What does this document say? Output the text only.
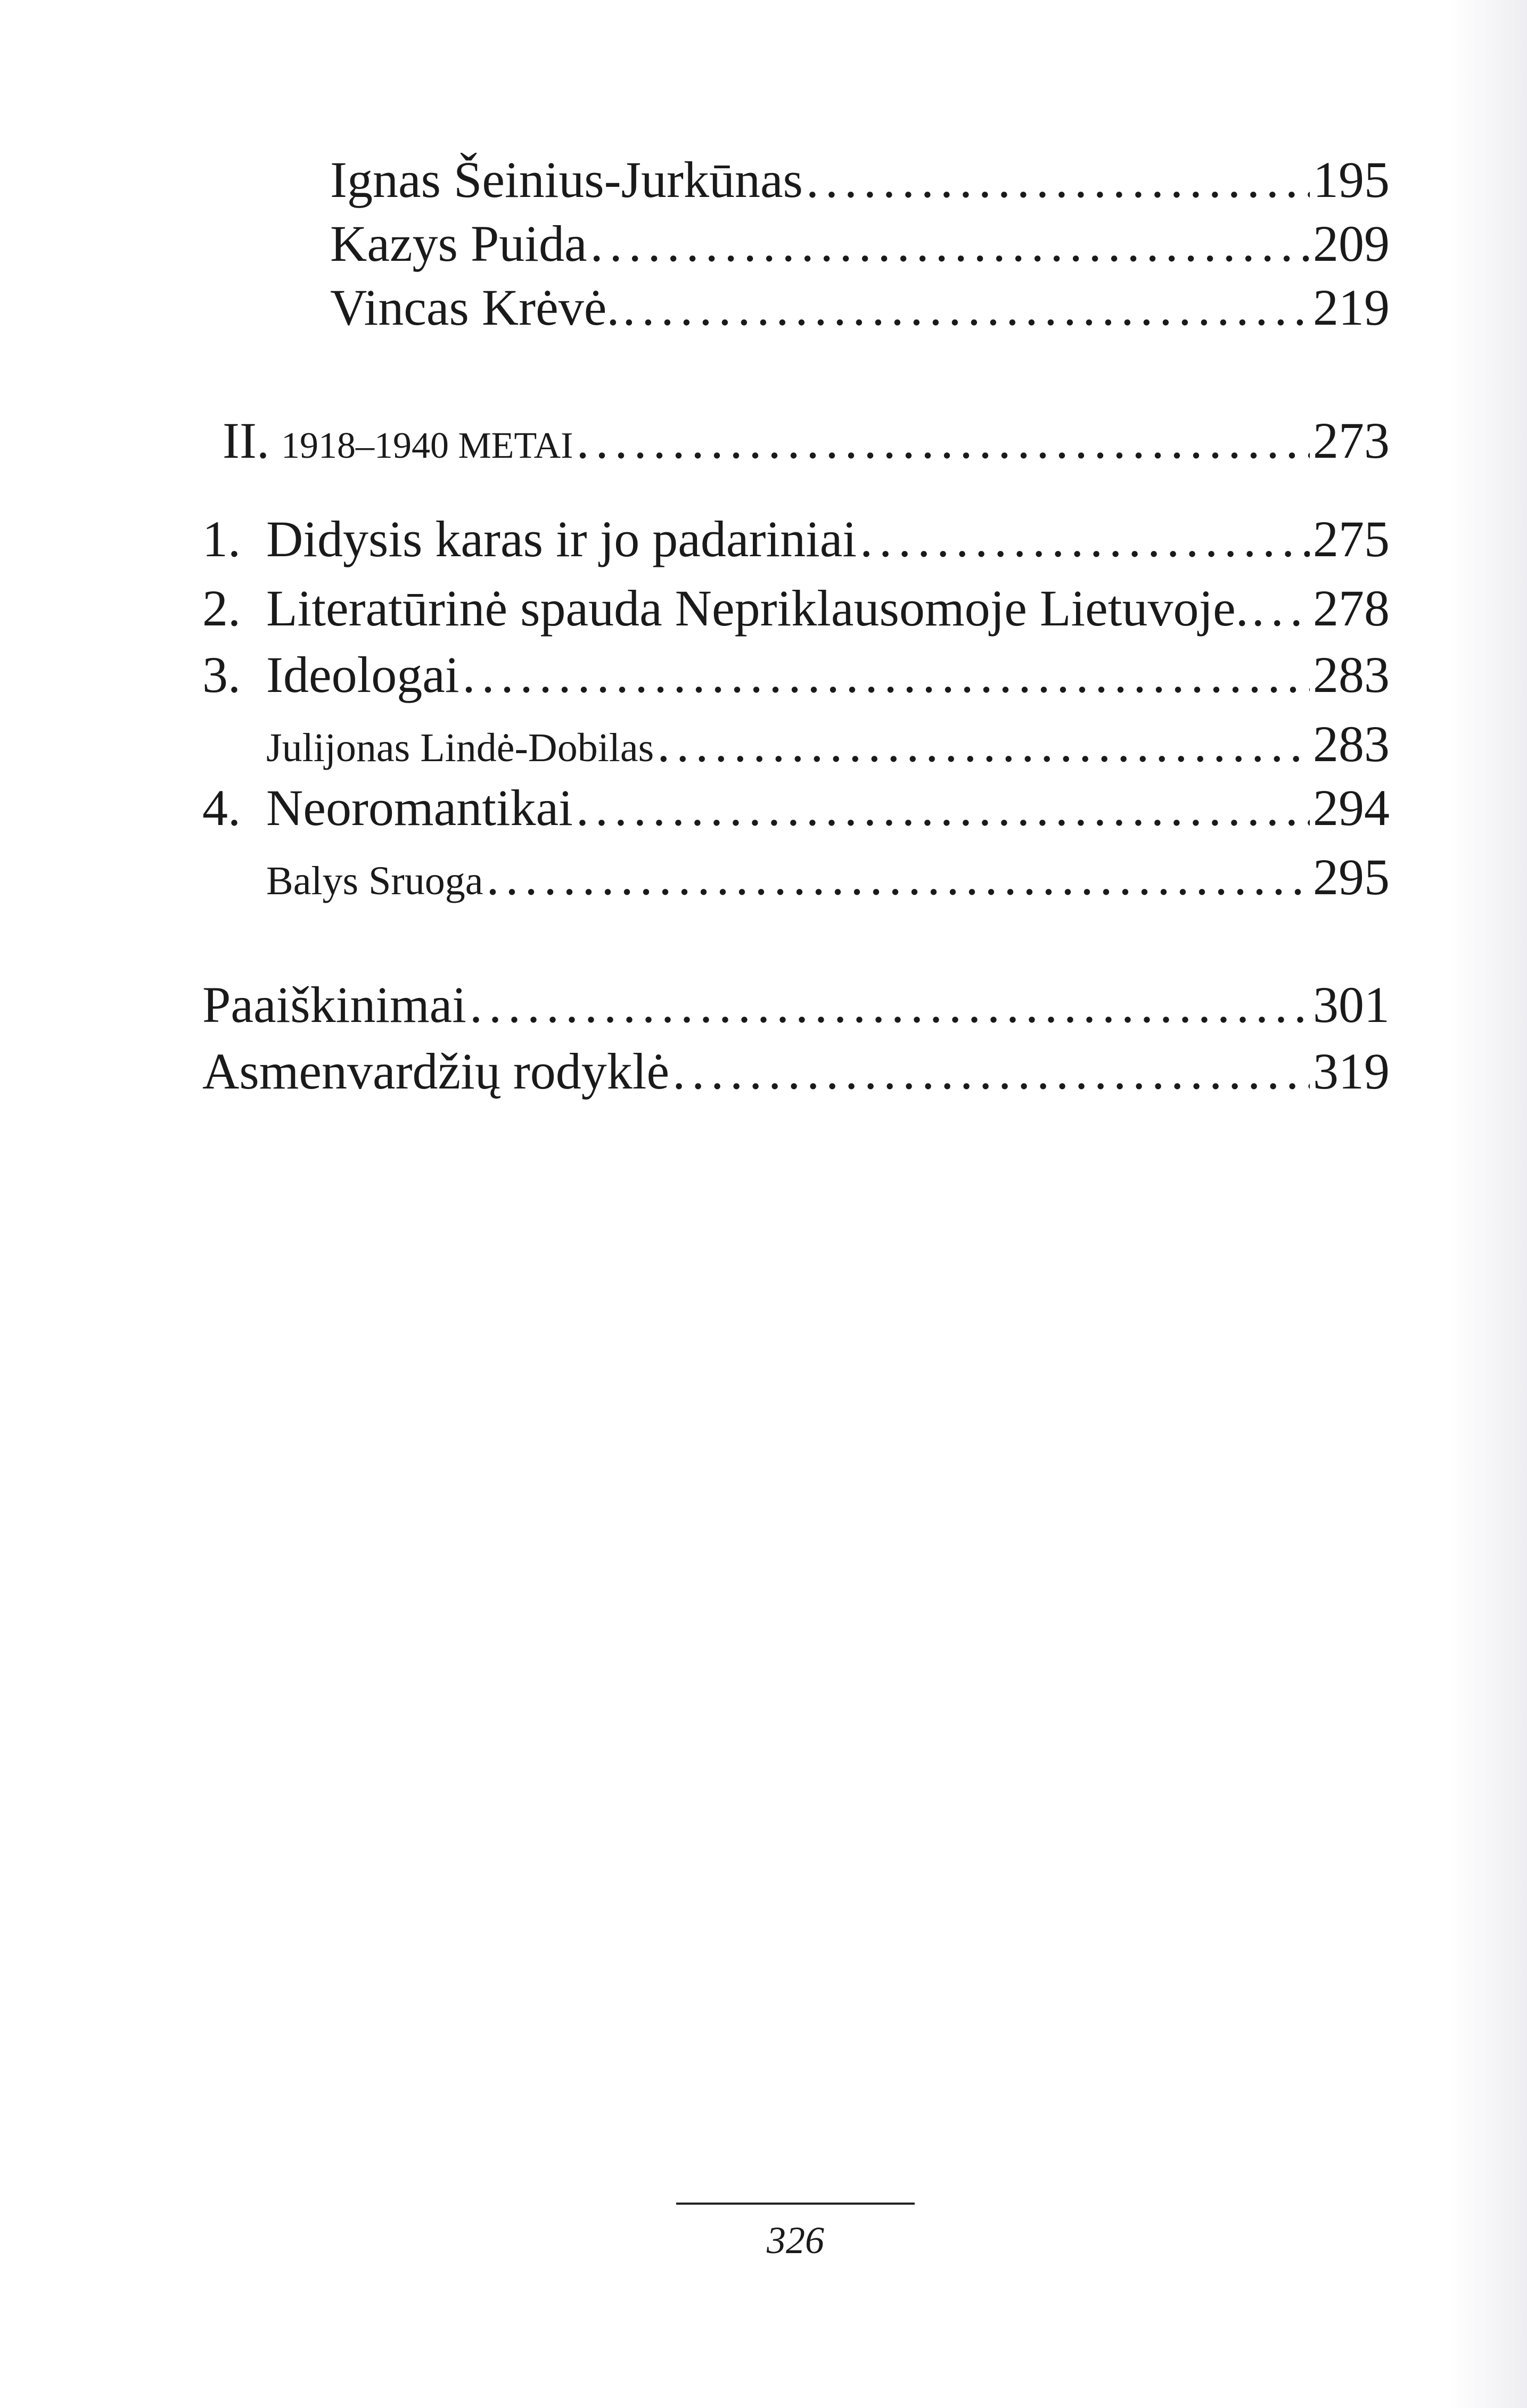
Ignas Šeinius-Jurkūnas . . .	195
Kazys Puida . . .	209
Vincas Krėvė. . . .	219
II. 1918–1940 METAI . . .	273
1. Didysis karas ir jo padariniai . . .	275
2. Literatūrinė spauda Nepriklausomoje Lietuvoje. . . . 278
3. Ideologai . . .	283
Julijonas Lindė-Dobilas . . .	283
4. Neoromantikai . . .	294
Balys Sruoga . . .	295
Paaiškinimai . . .	301
Asmenvardžių rodyklė . . .	319
326
